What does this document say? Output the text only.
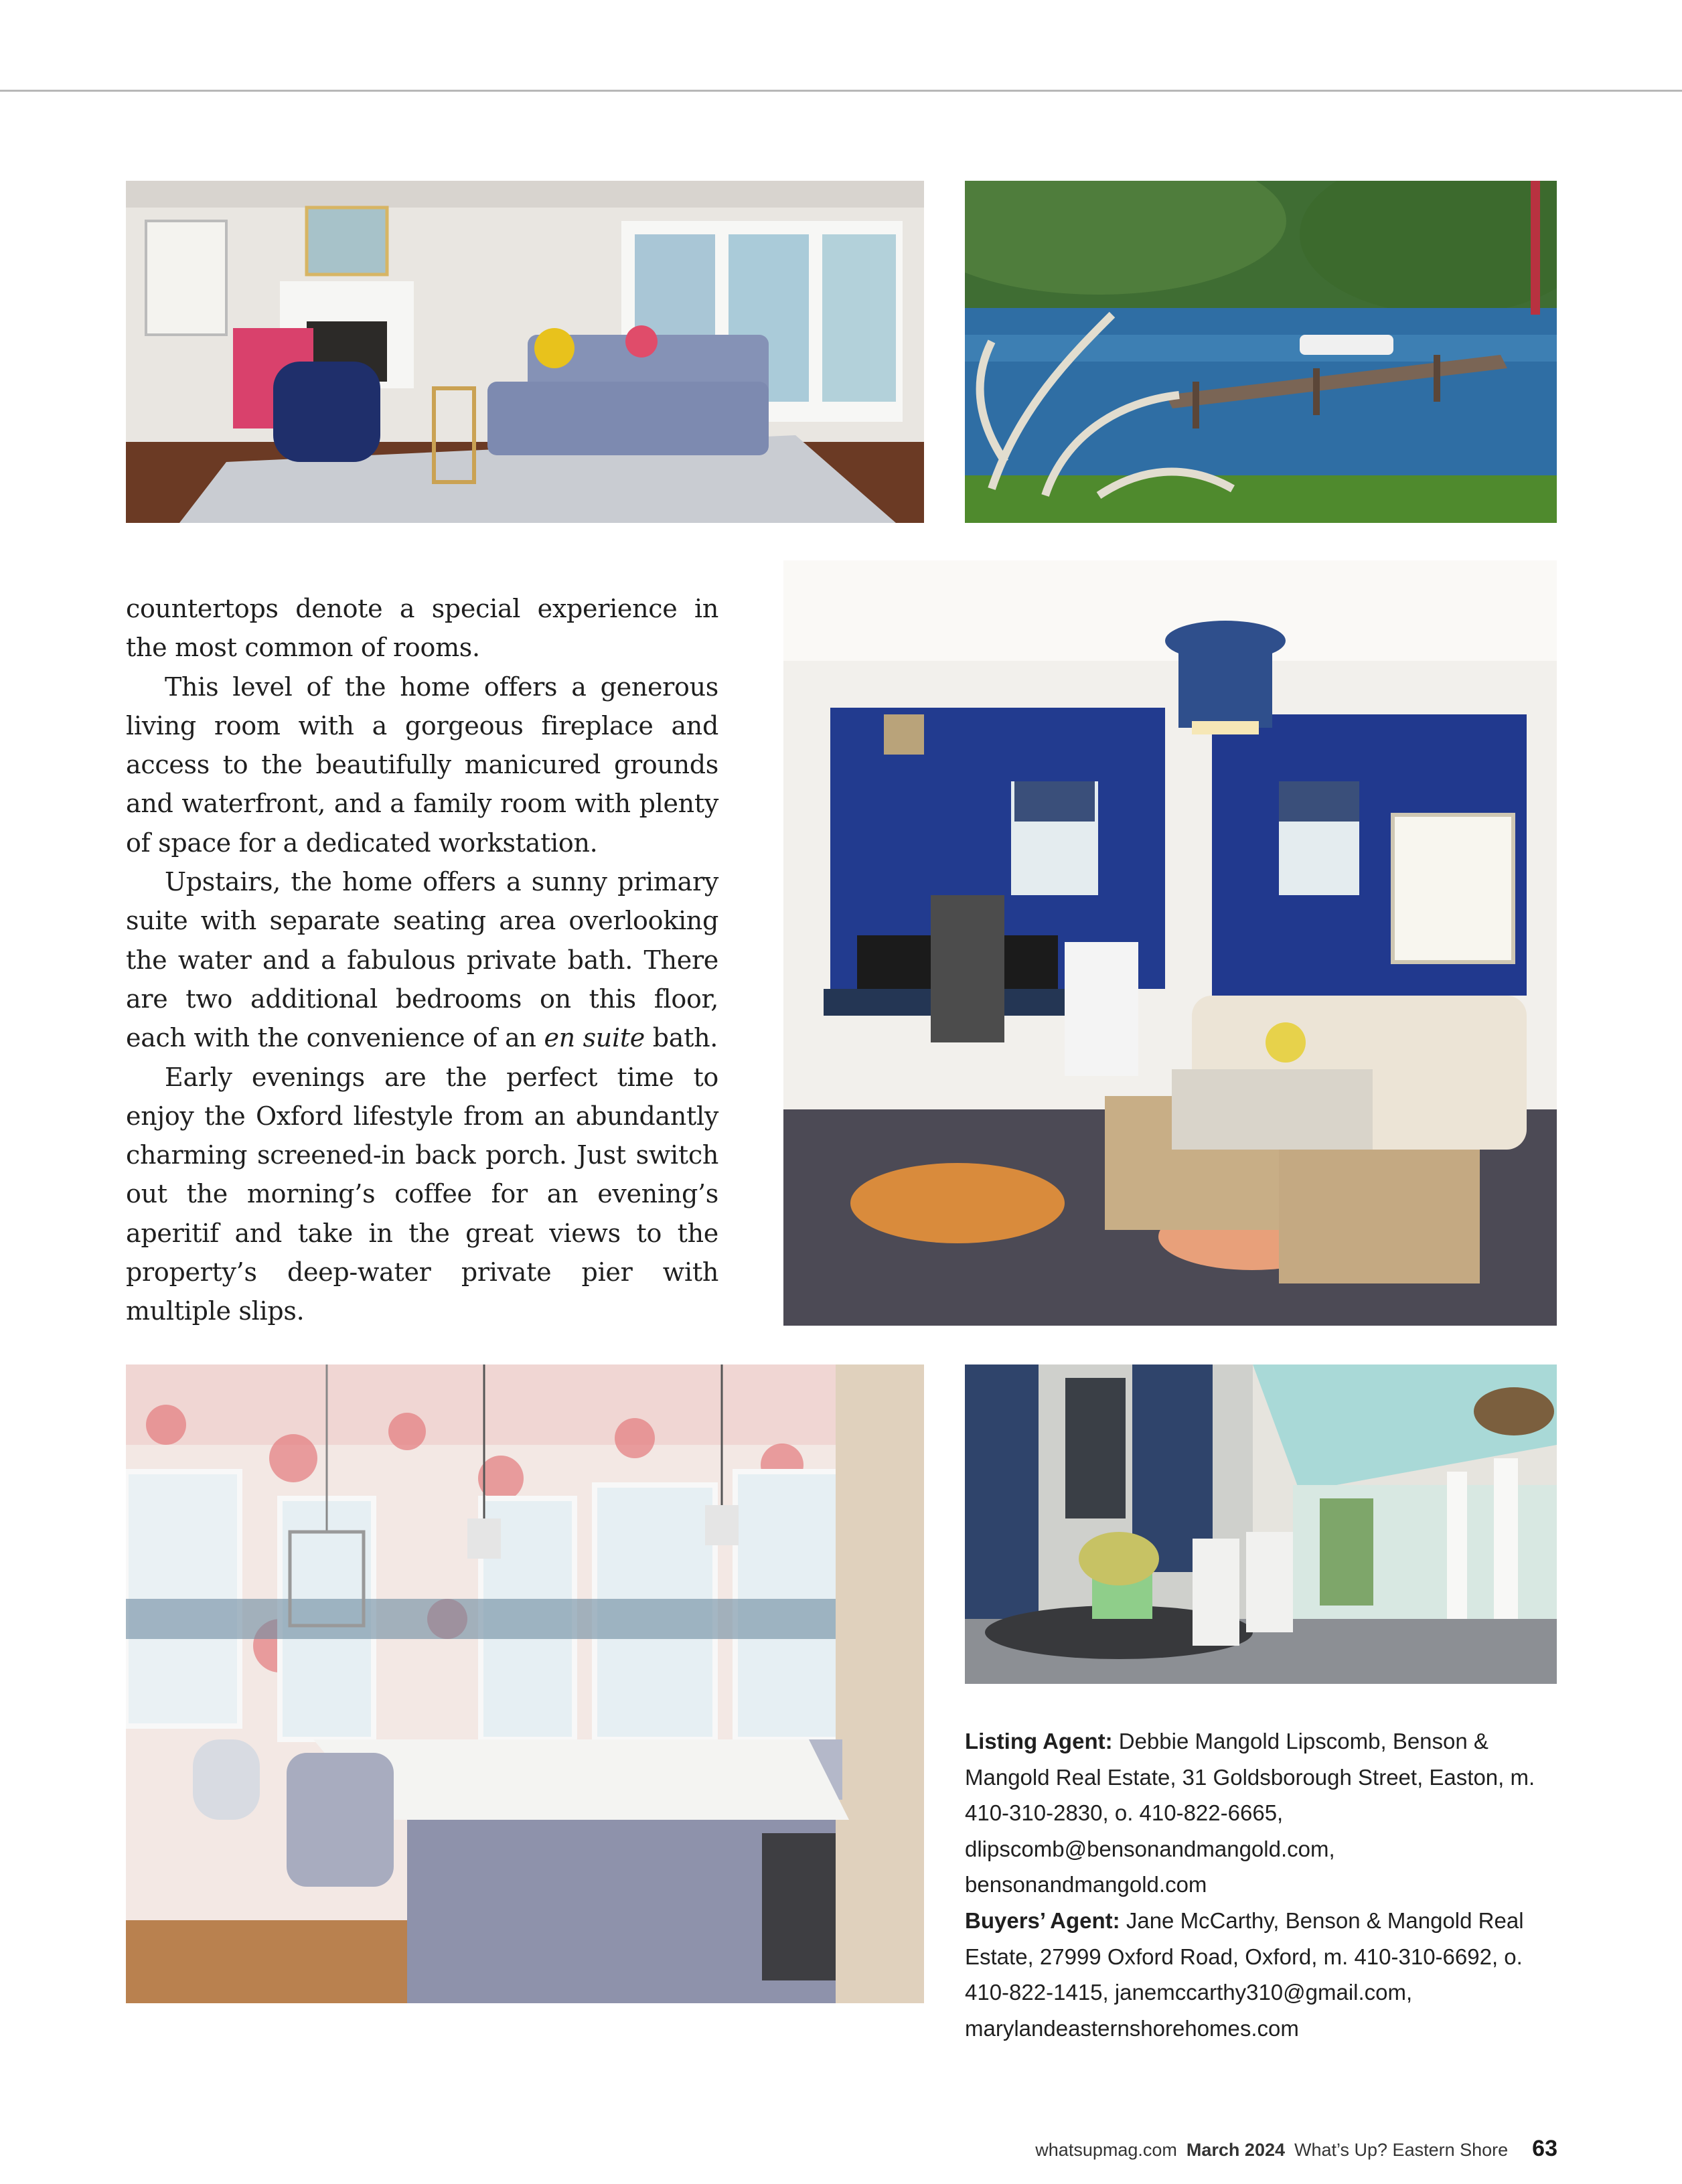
countertops denote a special experience in the most common of rooms.

This level of the home offers a generous living room with a gorgeous fireplace and access to the beautifully manicured grounds and waterfront, and a family room with plenty of space for a dedicated workstation.

Upstairs, the home offers a sunny primary suite with separate seating area overlooking the water and a fabulous private bath. There are two additional bedrooms on this floor, each with the convenience of an en suite bath.

Early evenings are the perfect time to enjoy the Oxford lifestyle from an abundantly charming screened-in back porch. Just switch out the morning’s coffee for an evening’s aperitif and take in the great views to the property’s deep-water private pier with multiple slips.

Listing Agent: Debbie Mangold Lipscomb, Benson & Mangold Real Estate, 31 Goldsborough Street, Easton, m. 410-310-2830, o. 410-822-6665, dlipscomb@bensonandmangold.com, bensonandmangold.com

Buyers’ Agent: Jane McCarthy, Benson & Mangold Real Estate, 27999 Oxford Road, Oxford, m. 410-310-6692, o. 410-822-1415, janemccarthy310@gmail.com, marylandeasternshorehomes.com

whatsupmag.com March 2024 What’s Up? Eastern Shore 63
